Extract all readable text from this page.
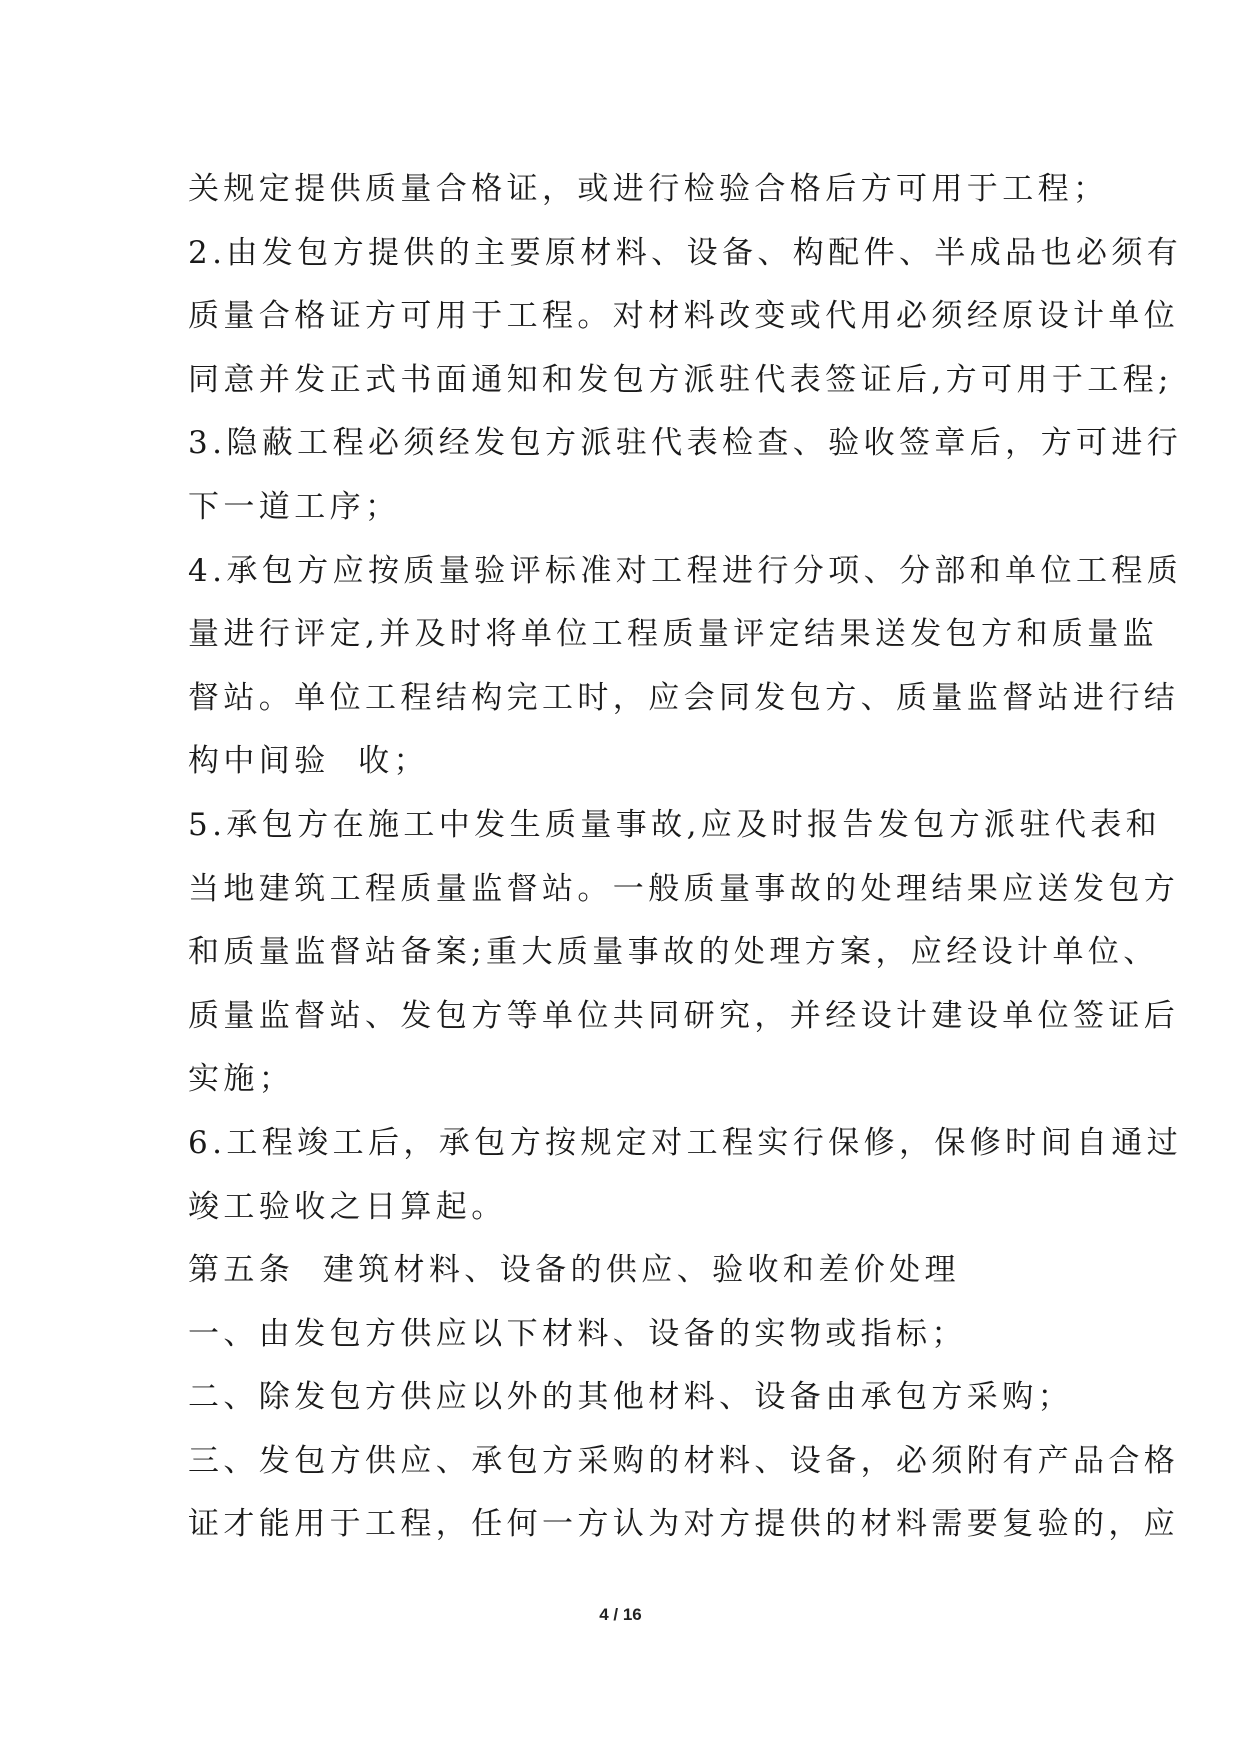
关规定提供质量合格证，或进行检验合格后方可用于工程；
2.由发包方提供的主要原材料、设备、构配件、半成品也必须有
质量合格证方可用于工程。对材料改变或代用必须经原设计单位
同意并发正式书面通知和发包方派驻代表签证后,方可用于工程;
3.隐蔽工程必须经发包方派驻代表检查、验收签章后，方可进行
下一道工序；
4.承包方应按质量验评标准对工程进行分项、分部和单位工程质
量进行评定,并及时将单位工程质量评定结果送发包方和质量监
督站。单位工程结构完工时，应会同发包方、质量监督站进行结
构中间验  收；
5.承包方在施工中发生质量事故,应及时报告发包方派驻代表和
当地建筑工程质量监督站。一般质量事故的处理结果应送发包方
和质量监督站备案;重大质量事故的处理方案，应经设计单位、
质量监督站、发包方等单位共同研究，并经设计建设单位签证后
实施；
6.工程竣工后，承包方按规定对工程实行保修，保修时间自通过
竣工验收之日算起。
第五条  建筑材料、设备的供应、验收和差价处理
一、由发包方供应以下材料、设备的实物或指标；
二、除发包方供应以外的其他材料、设备由承包方采购；
三、发包方供应、承包方采购的材料、设备，必须附有产品合格
证才能用于工程，任何一方认为对方提供的材料需要复验的，应
4 / 16
